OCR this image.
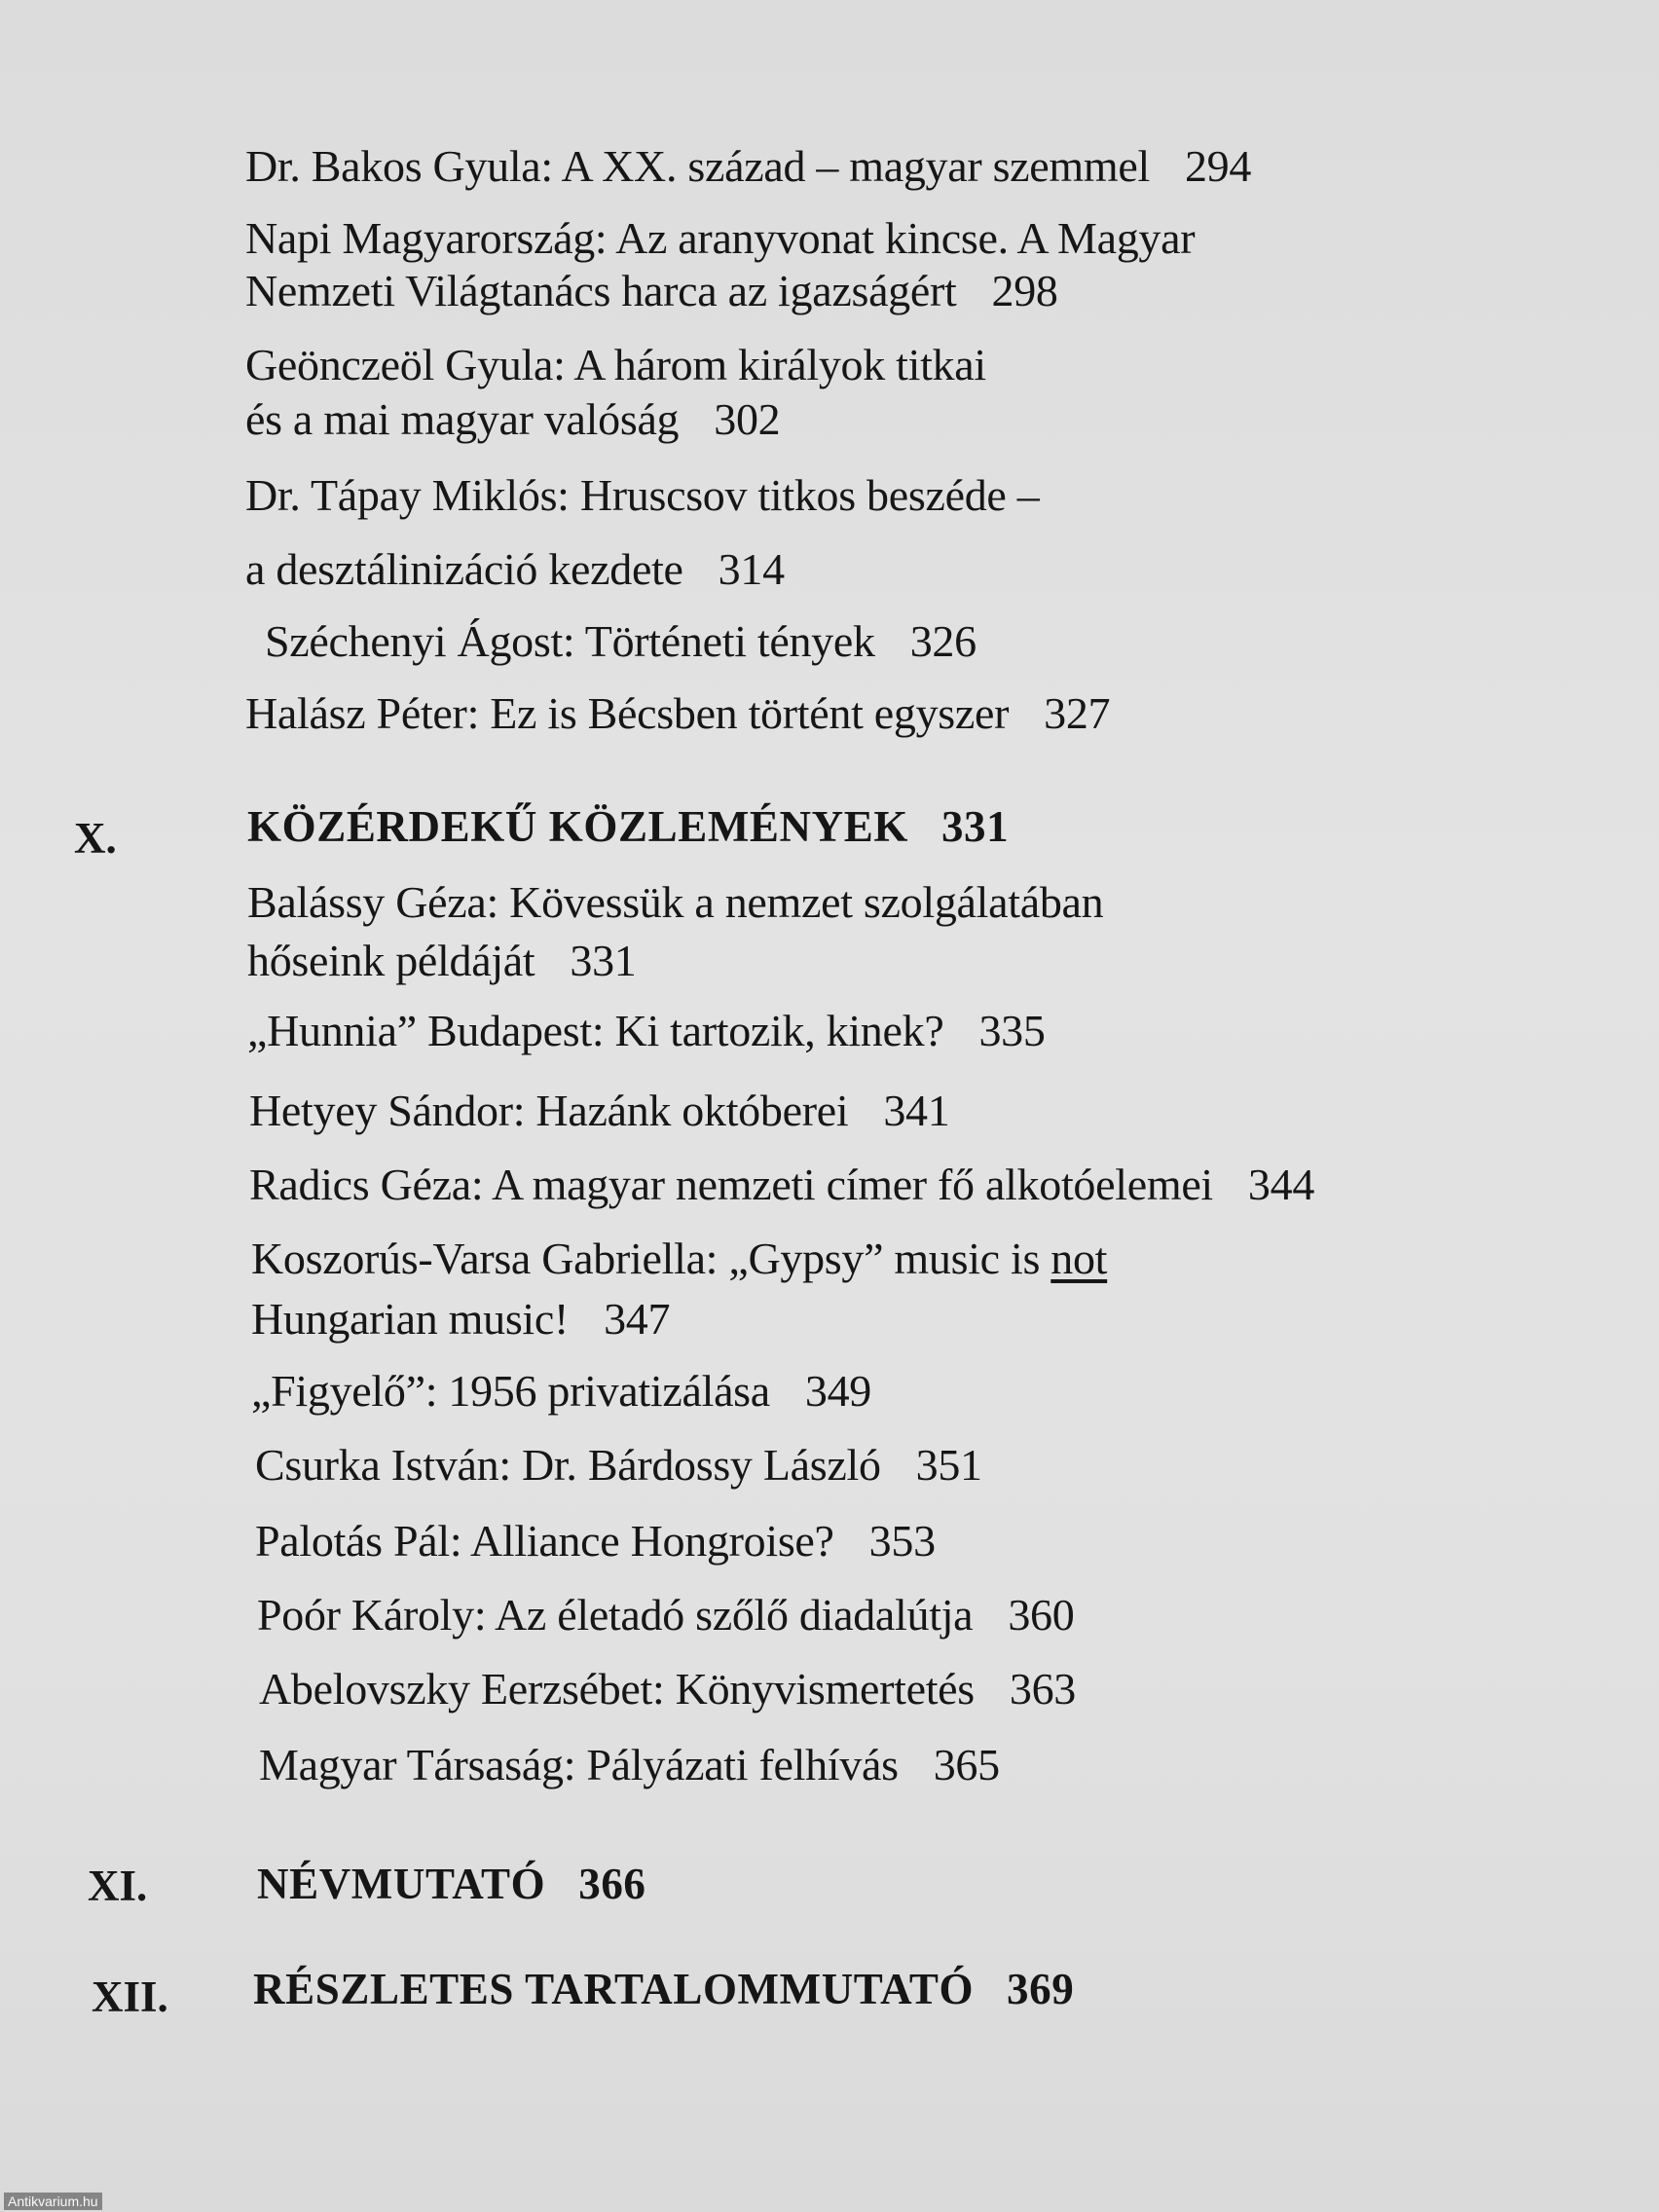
Dr. Bakos Gyula: A XX. század – magyar szemmel 294
Napi Magyarország: Az aranyvonat kincse. A Magyar
Nemzeti Világtanács harca az igazságért 298
Geönczeöl Gyula: A három királyok titkai
és a mai magyar valóság 302
Dr. Tápay Miklós: Hruscsov titkos beszéde –
a desztálinizáció kezdete 314
Széchenyi Ágost: Történeti tények 326
Halász Péter: Ez is Bécsben történt egyszer 327
X.	KÖZÉRDEKŰ KÖZLEMÉNYEK 331
Balássy Géza: Kövessük a nemzet szolgálatában
hőseink példáját 331
„Hunnia” Budapest: Ki tartozik, kinek? 335
Hetyey Sándor: Hazánk októberei 341
Radics Géza: A magyar nemzeti címer fő alkotóelemei 344
Koszorús-Varsa Gabriella: „Gypsy” music is not
Hungarian music! 347
„Figyelő”: 1956 privatizálása 349
Csurka István: Dr. Bárdossy László 351
Palotás Pál: Alliance Hongroise? 353
Poór Károly: Az életadó szőlő diadalútja 360
Abelovszky Eerzsébet: Könyvismertetés 363
Magyar Társaság: Pályázati felhívás 365
XI.	NÉVMUTATÓ 366
XII. RÉSZLETES TARTALOMMUTATÓ 369
Antikvarium.hu
